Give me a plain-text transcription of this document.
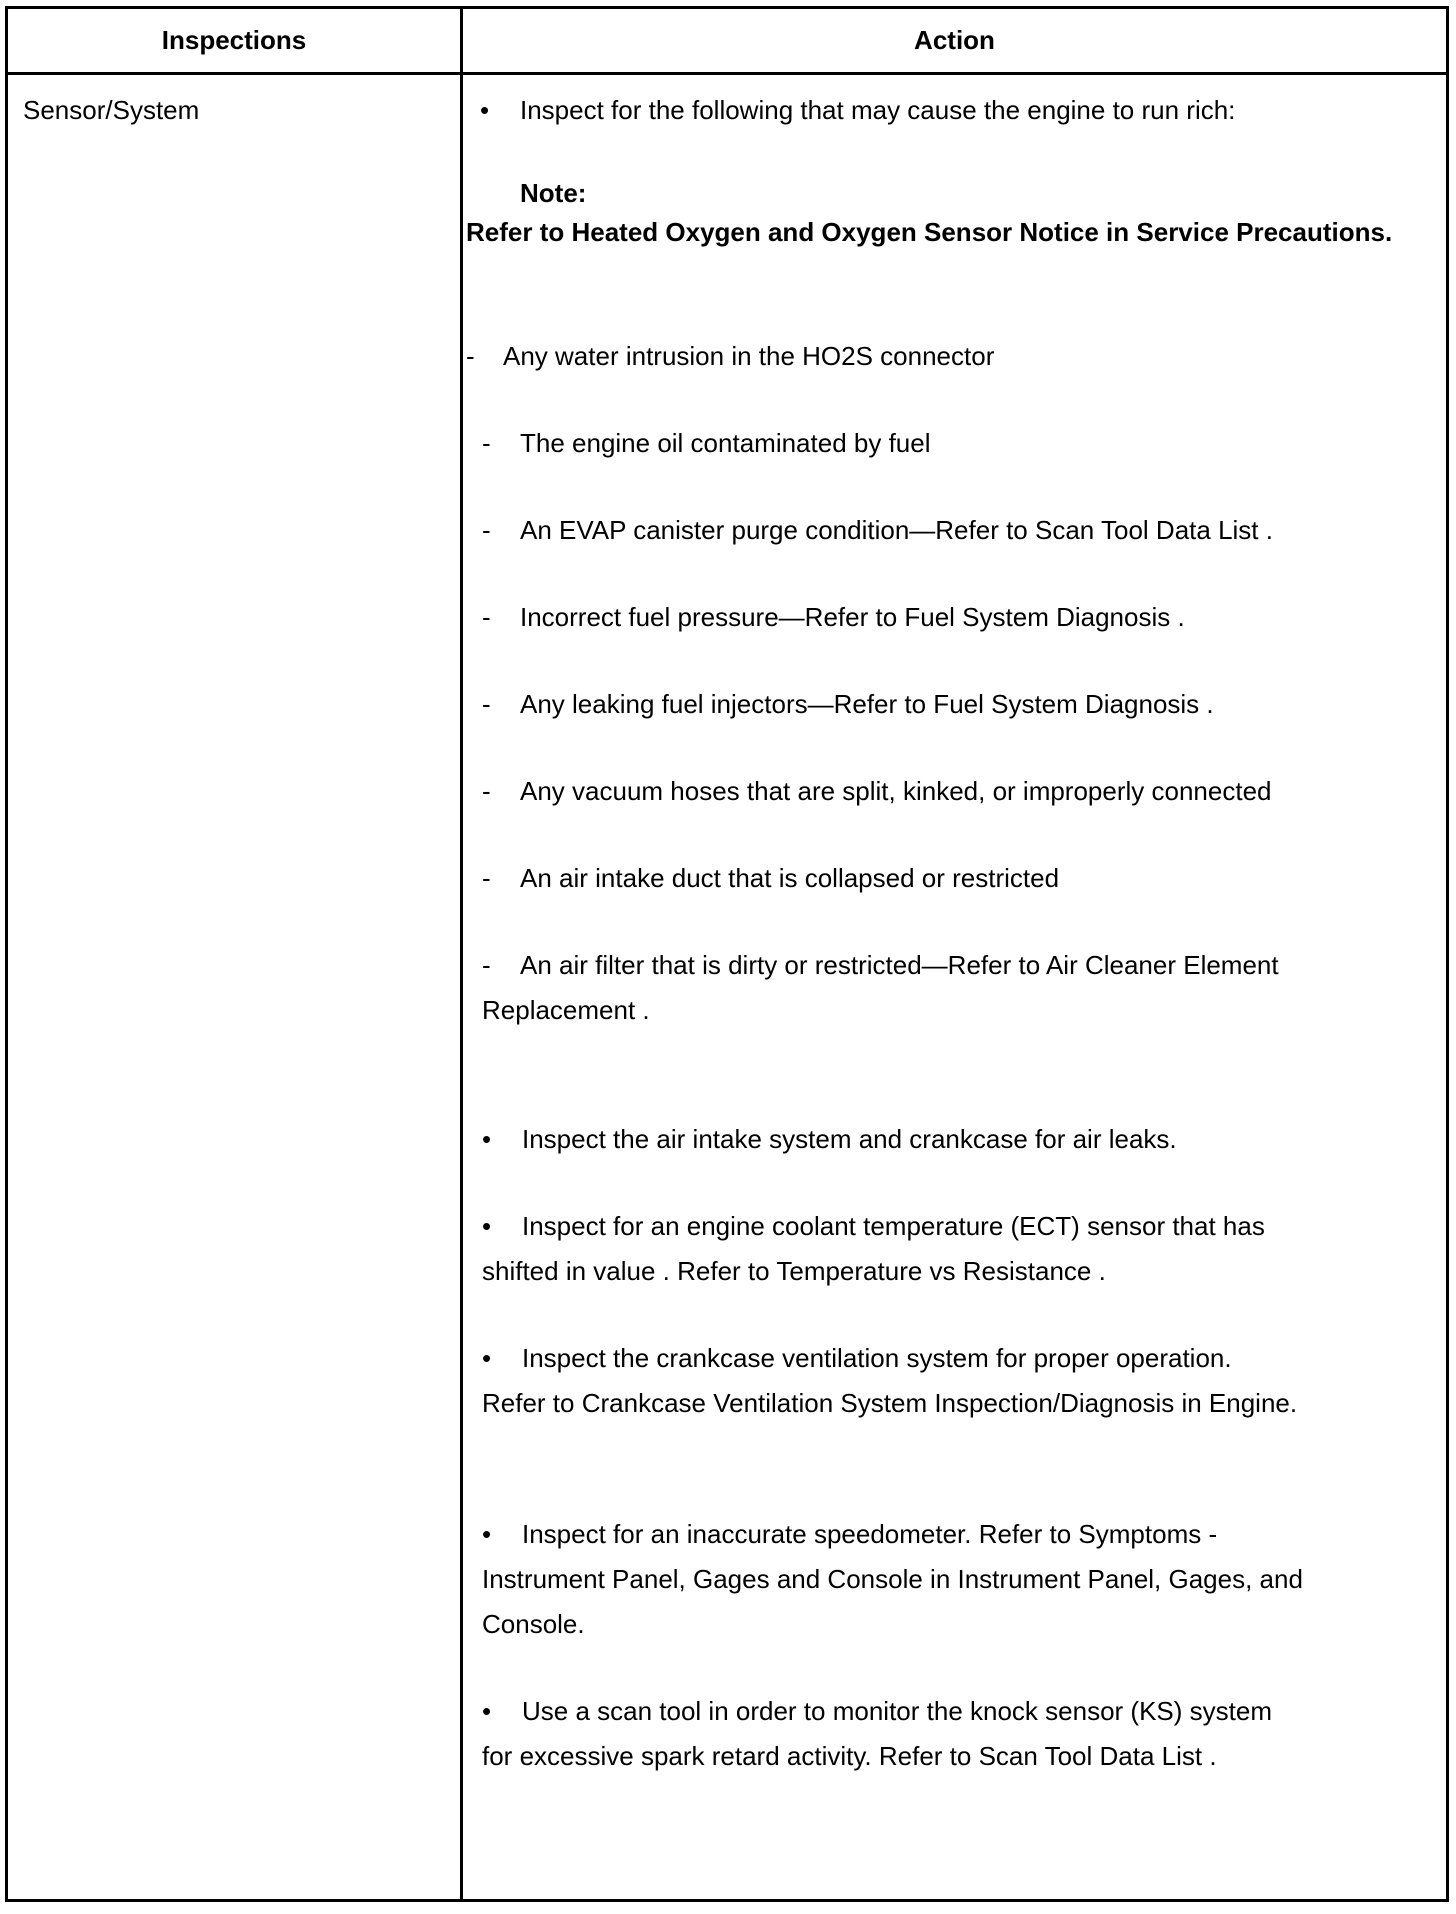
Inspections	Action
Sensor/System	• Inspect for the following that may cause the engine to run rich:
Note:
Refer to Heated Oxygen and Oxygen Sensor Notice in Service Precautions.
- Any water intrusion in the HO2S connector
- The engine oil contaminated by fuel
- An EVAP canister purge condition—Refer to Scan Tool Data List .
- Incorrect fuel pressure—Refer to Fuel System Diagnosis .
- Any leaking fuel injectors—Refer to Fuel System Diagnosis .
- Any vacuum hoses that are split, kinked, or improperly connected
- An air intake duct that is collapsed or restricted
- An air filter that is dirty or restricted—Refer to Air Cleaner Element
Replacement .
• Inspect the air intake system and crankcase for air leaks.
• Inspect for an engine coolant temperature (ECT) sensor that has
shifted in value . Refer to Temperature vs Resistance .
• Inspect the crankcase ventilation system for proper operation.
Refer to Crankcase Ventilation System Inspection/Diagnosis in Engine.
• Inspect for an inaccurate speedometer. Refer to Symptoms -
Instrument Panel, Gages and Console in Instrument Panel, Gages, and
Console.
• Use a scan tool in order to monitor the knock sensor (KS) system
for excessive spark retard activity. Refer to Scan Tool Data List .
